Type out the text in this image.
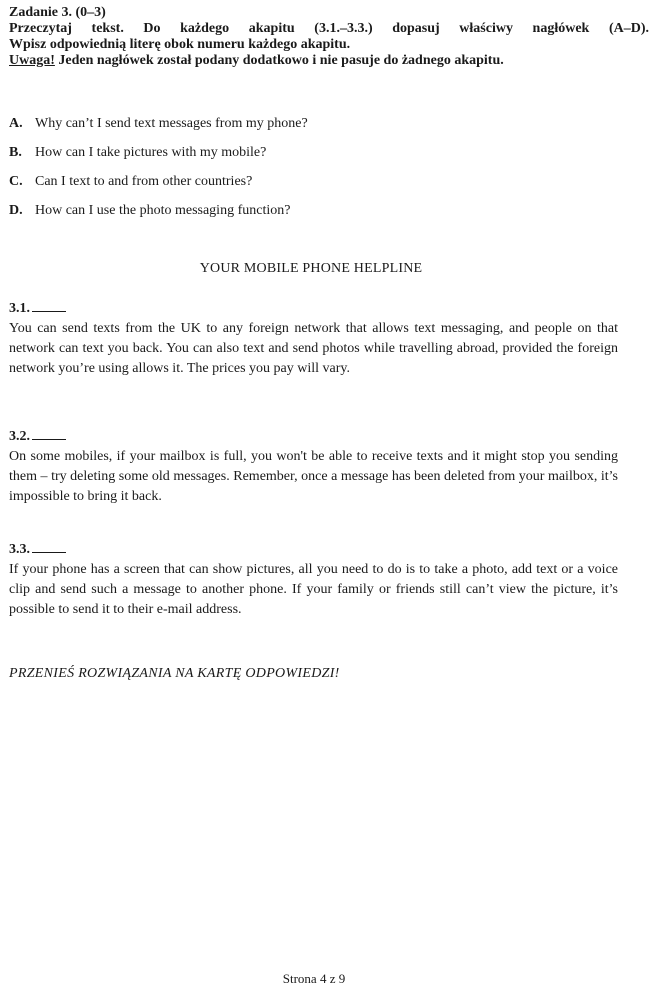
Zadanie 3. (0–3)
Przeczytaj tekst. Do każdego akapitu (3.1.–3.3.) dopasuj właściwy nagłówek (A–D).
Wpisz odpowiednią literę obok numeru każdego akapitu.
Uwaga! Jeden nagłówek został podany dodatkowo i nie pasuje do żadnego akapitu.
A. Why can’t I send text messages from my phone?
B. How can I take pictures with my mobile?
C. Can I text to and from other countries?
D. How can I use the photo messaging function?
YOUR MOBILE PHONE HELPLINE
3.1.

You can send texts from the UK to any foreign network that allows text messaging, and people on that network can text you back. You can also text and send photos while travelling abroad, provided the foreign network you’re using allows it. The prices you pay will vary.

3.2.

On some mobiles, if your mailbox is full, you won't be able to receive texts and it might stop you sending them – try deleting some old messages. Remember, once a message has been deleted from your mailbox, it’s impossible to bring it back.

3.3.

If your phone has a screen that can show pictures, all you need to do is to take a photo, add text or a voice clip and send such a message to another phone. If your family or friends still can’t view the picture, it’s possible to send it to their e-mail address.

PRZENIEŚ ROZWIĄZANIA NA KARTĘ ODPOWIEDZI!
Strona 4 z 9
